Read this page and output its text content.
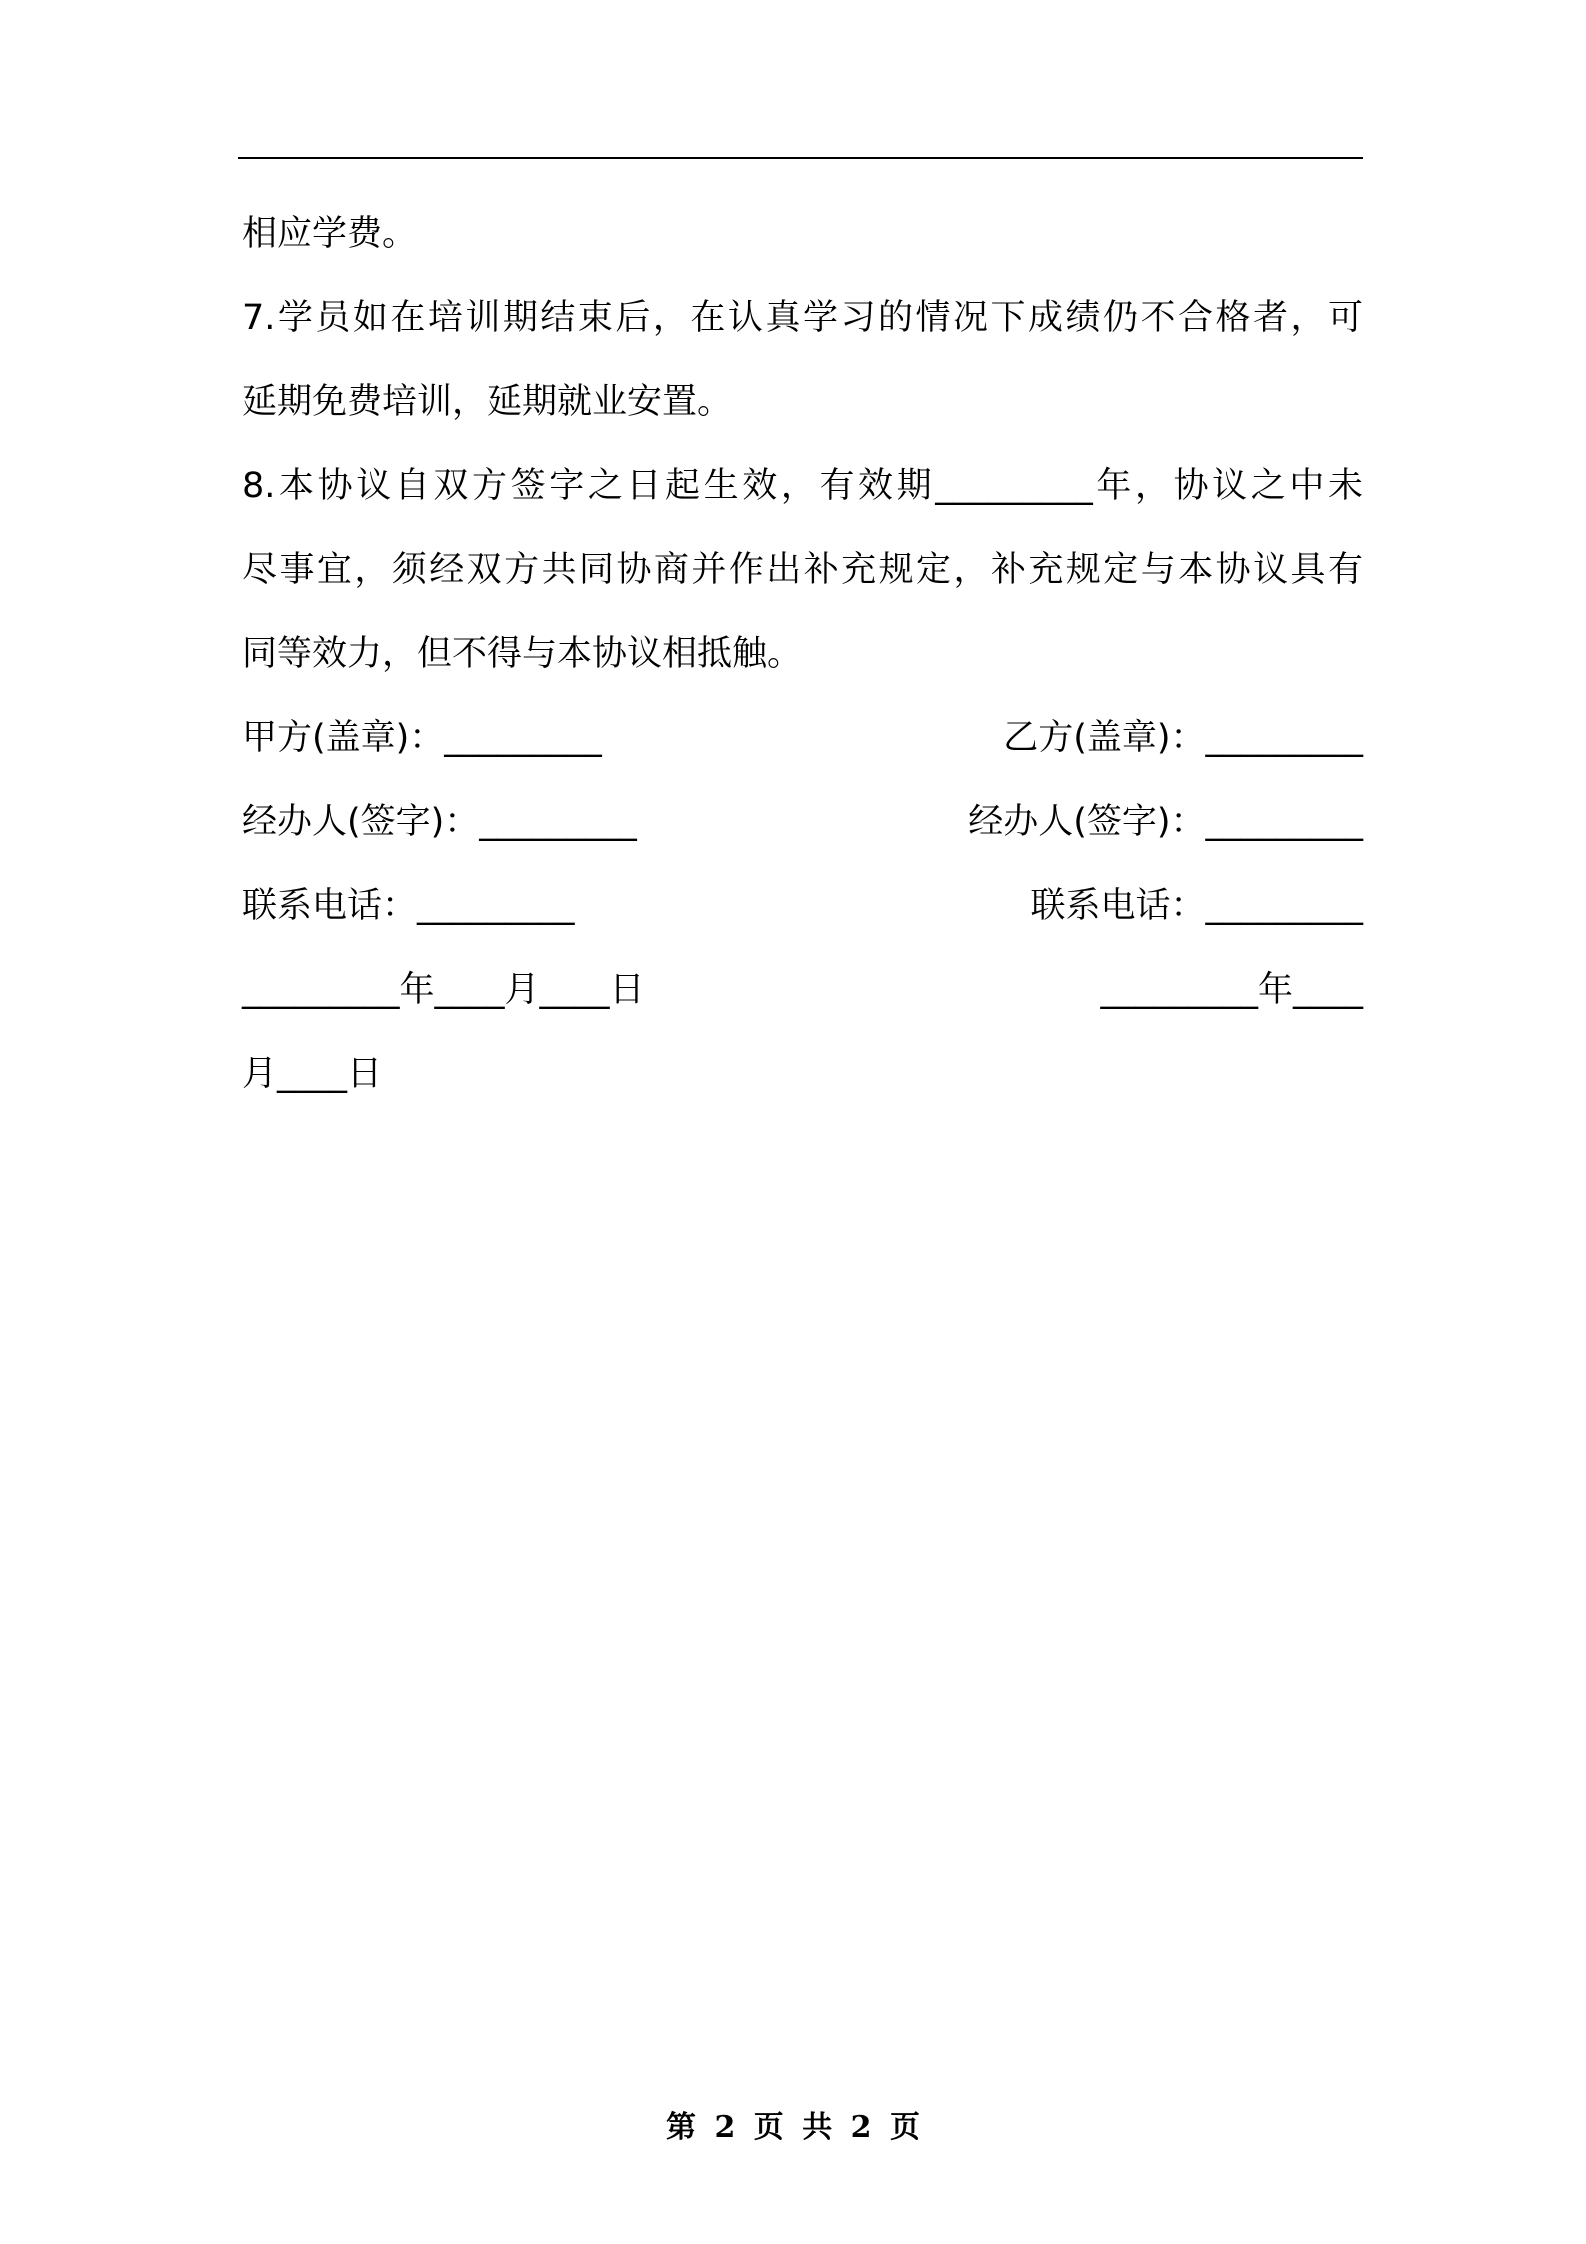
相应学费。
7.学员如在培训期结束后，在认真学习的情况下成绩仍不合格者，可
延期免费培训，延期就业安置。
8.本协议自双方签字之日起生效，有效期_________年，协议之中未
尽事宜，须经双方共同协商并作出补充规定，补充规定与本协议具有
同等效力，但不得与本协议相抵触。
甲方(盖章)：_________	乙方(盖章)：_________
经办人(签字)：_________	经办人(签字)：_________
联系电话：_________	联系电话：_________
_________年____月____日	_________年____
月____日
第 2 页 共 2 页
